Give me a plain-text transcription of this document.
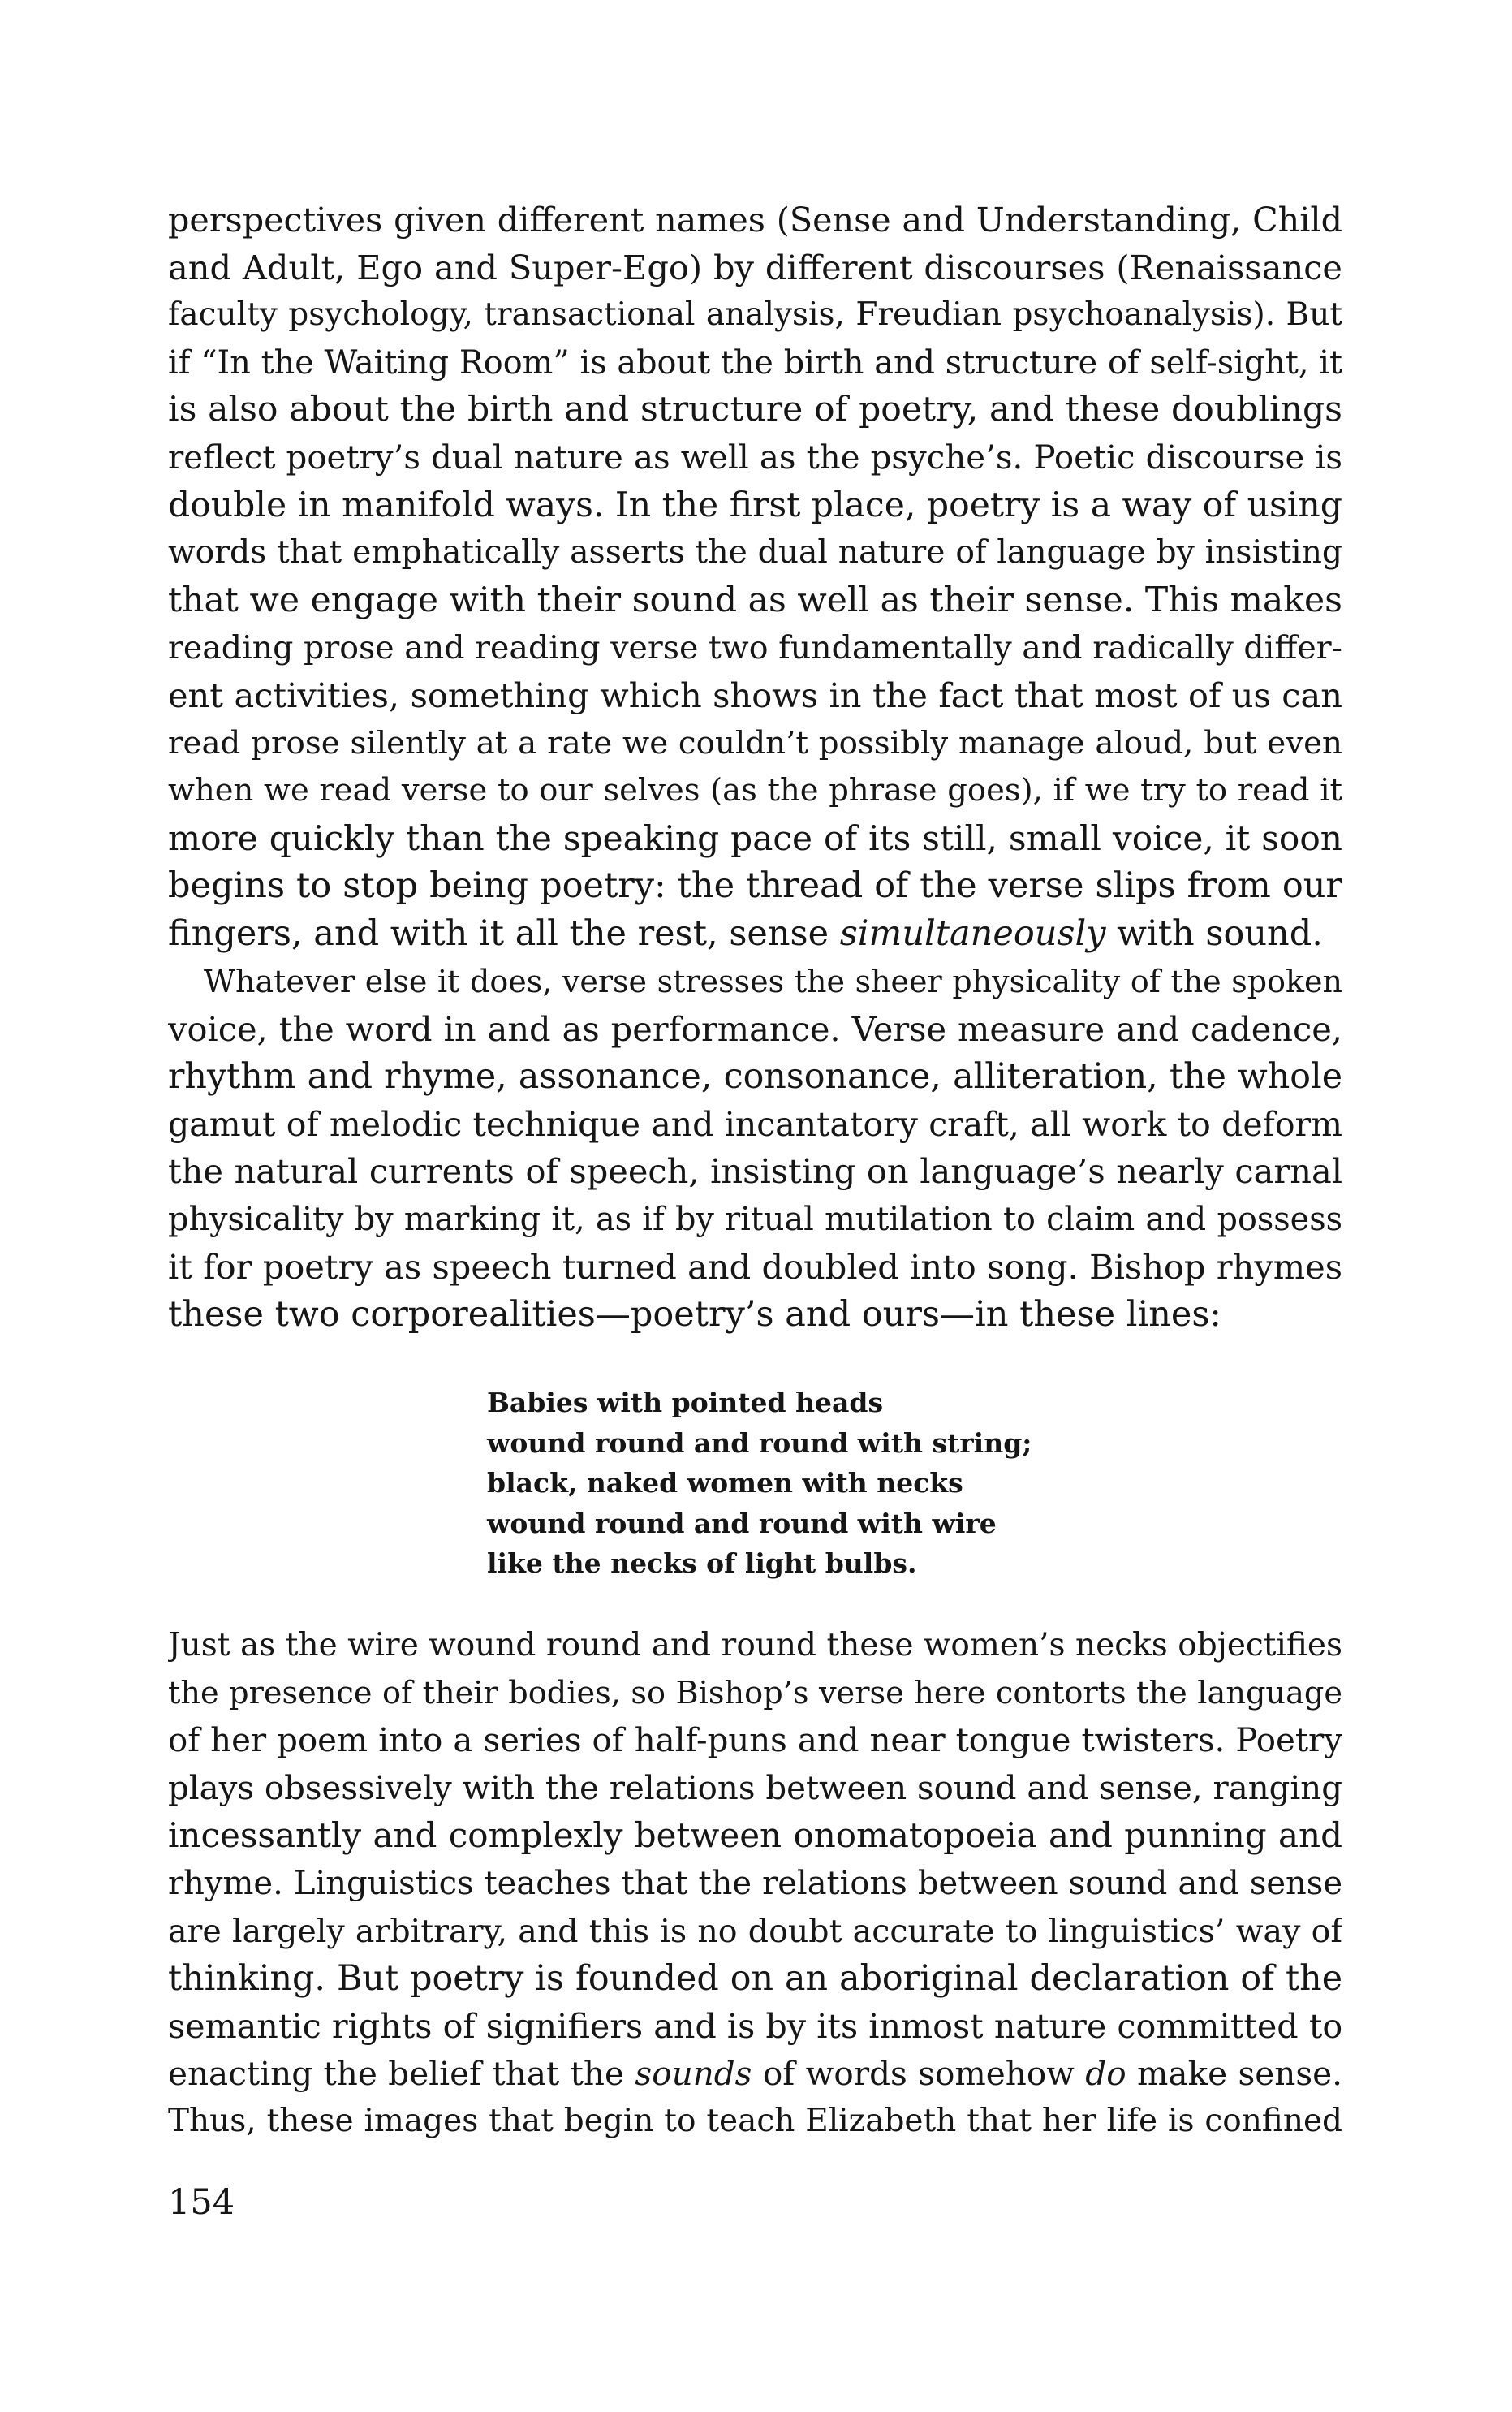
perspectives given different names (Sense and Understanding, Child
and Adult, Ego and Super-Ego) by different discourses (Renaissance
faculty psychology, transactional analysis, Freudian psychoanalysis). But
if “In the Waiting Room” is about the birth and structure of self-sight, it
is also about the birth and structure of poetry, and these doublings
reflect poetry’s dual nature as well as the psyche’s. Poetic discourse is
double in manifold ways. In the first place, poetry is a way of using
words that emphatically asserts the dual nature of language by insisting
that we engage with their sound as well as their sense. This makes
reading prose and reading verse two fundamentally and radically differ-
ent activities, something which shows in the fact that most of us can
read prose silently at a rate we couldn’t possibly manage aloud, but even
when we read verse to our selves (as the phrase goes), if we try to read it
more quickly than the speaking pace of its still, small voice, it soon
begins to stop being poetry: the thread of the verse slips from our
fingers, and with it all the rest, sense simultaneously with sound.

Whatever else it does, verse stresses the sheer physicality of the spoken
voice, the word in and as performance. Verse measure and cadence,
rhythm and rhyme, assonance, consonance, alliteration, the whole
gamut of melodic technique and incantatory craft, all work to deform
the natural currents of speech, insisting on language’s nearly carnal
physicality by marking it, as if by ritual mutilation to claim and possess
it for poetry as speech turned and doubled into song. Bishop rhymes
these two corporealities—poetry’s and ours—in these lines:

Babies with pointed heads
wound round and round with string;
black, naked women with necks
wound round and round with wire
like the necks of light bulbs.

Just as the wire wound round and round these women’s necks objectifies
the presence of their bodies, so Bishop’s verse here contorts the language
of her poem into a series of half-puns and near tongue twisters. Poetry
plays obsessively with the relations between sound and sense, ranging
incessantly and complexly between onomatopoeia and punning and
rhyme. Linguistics teaches that the relations between sound and sense
are largely arbitrary, and this is no doubt accurate to linguistics’ way of
thinking. But poetry is founded on an aboriginal declaration of the
semantic rights of signifiers and is by its inmost nature committed to
enacting the belief that the sounds of words somehow do make sense.
Thus, these images that begin to teach Elizabeth that her life is confined

154
